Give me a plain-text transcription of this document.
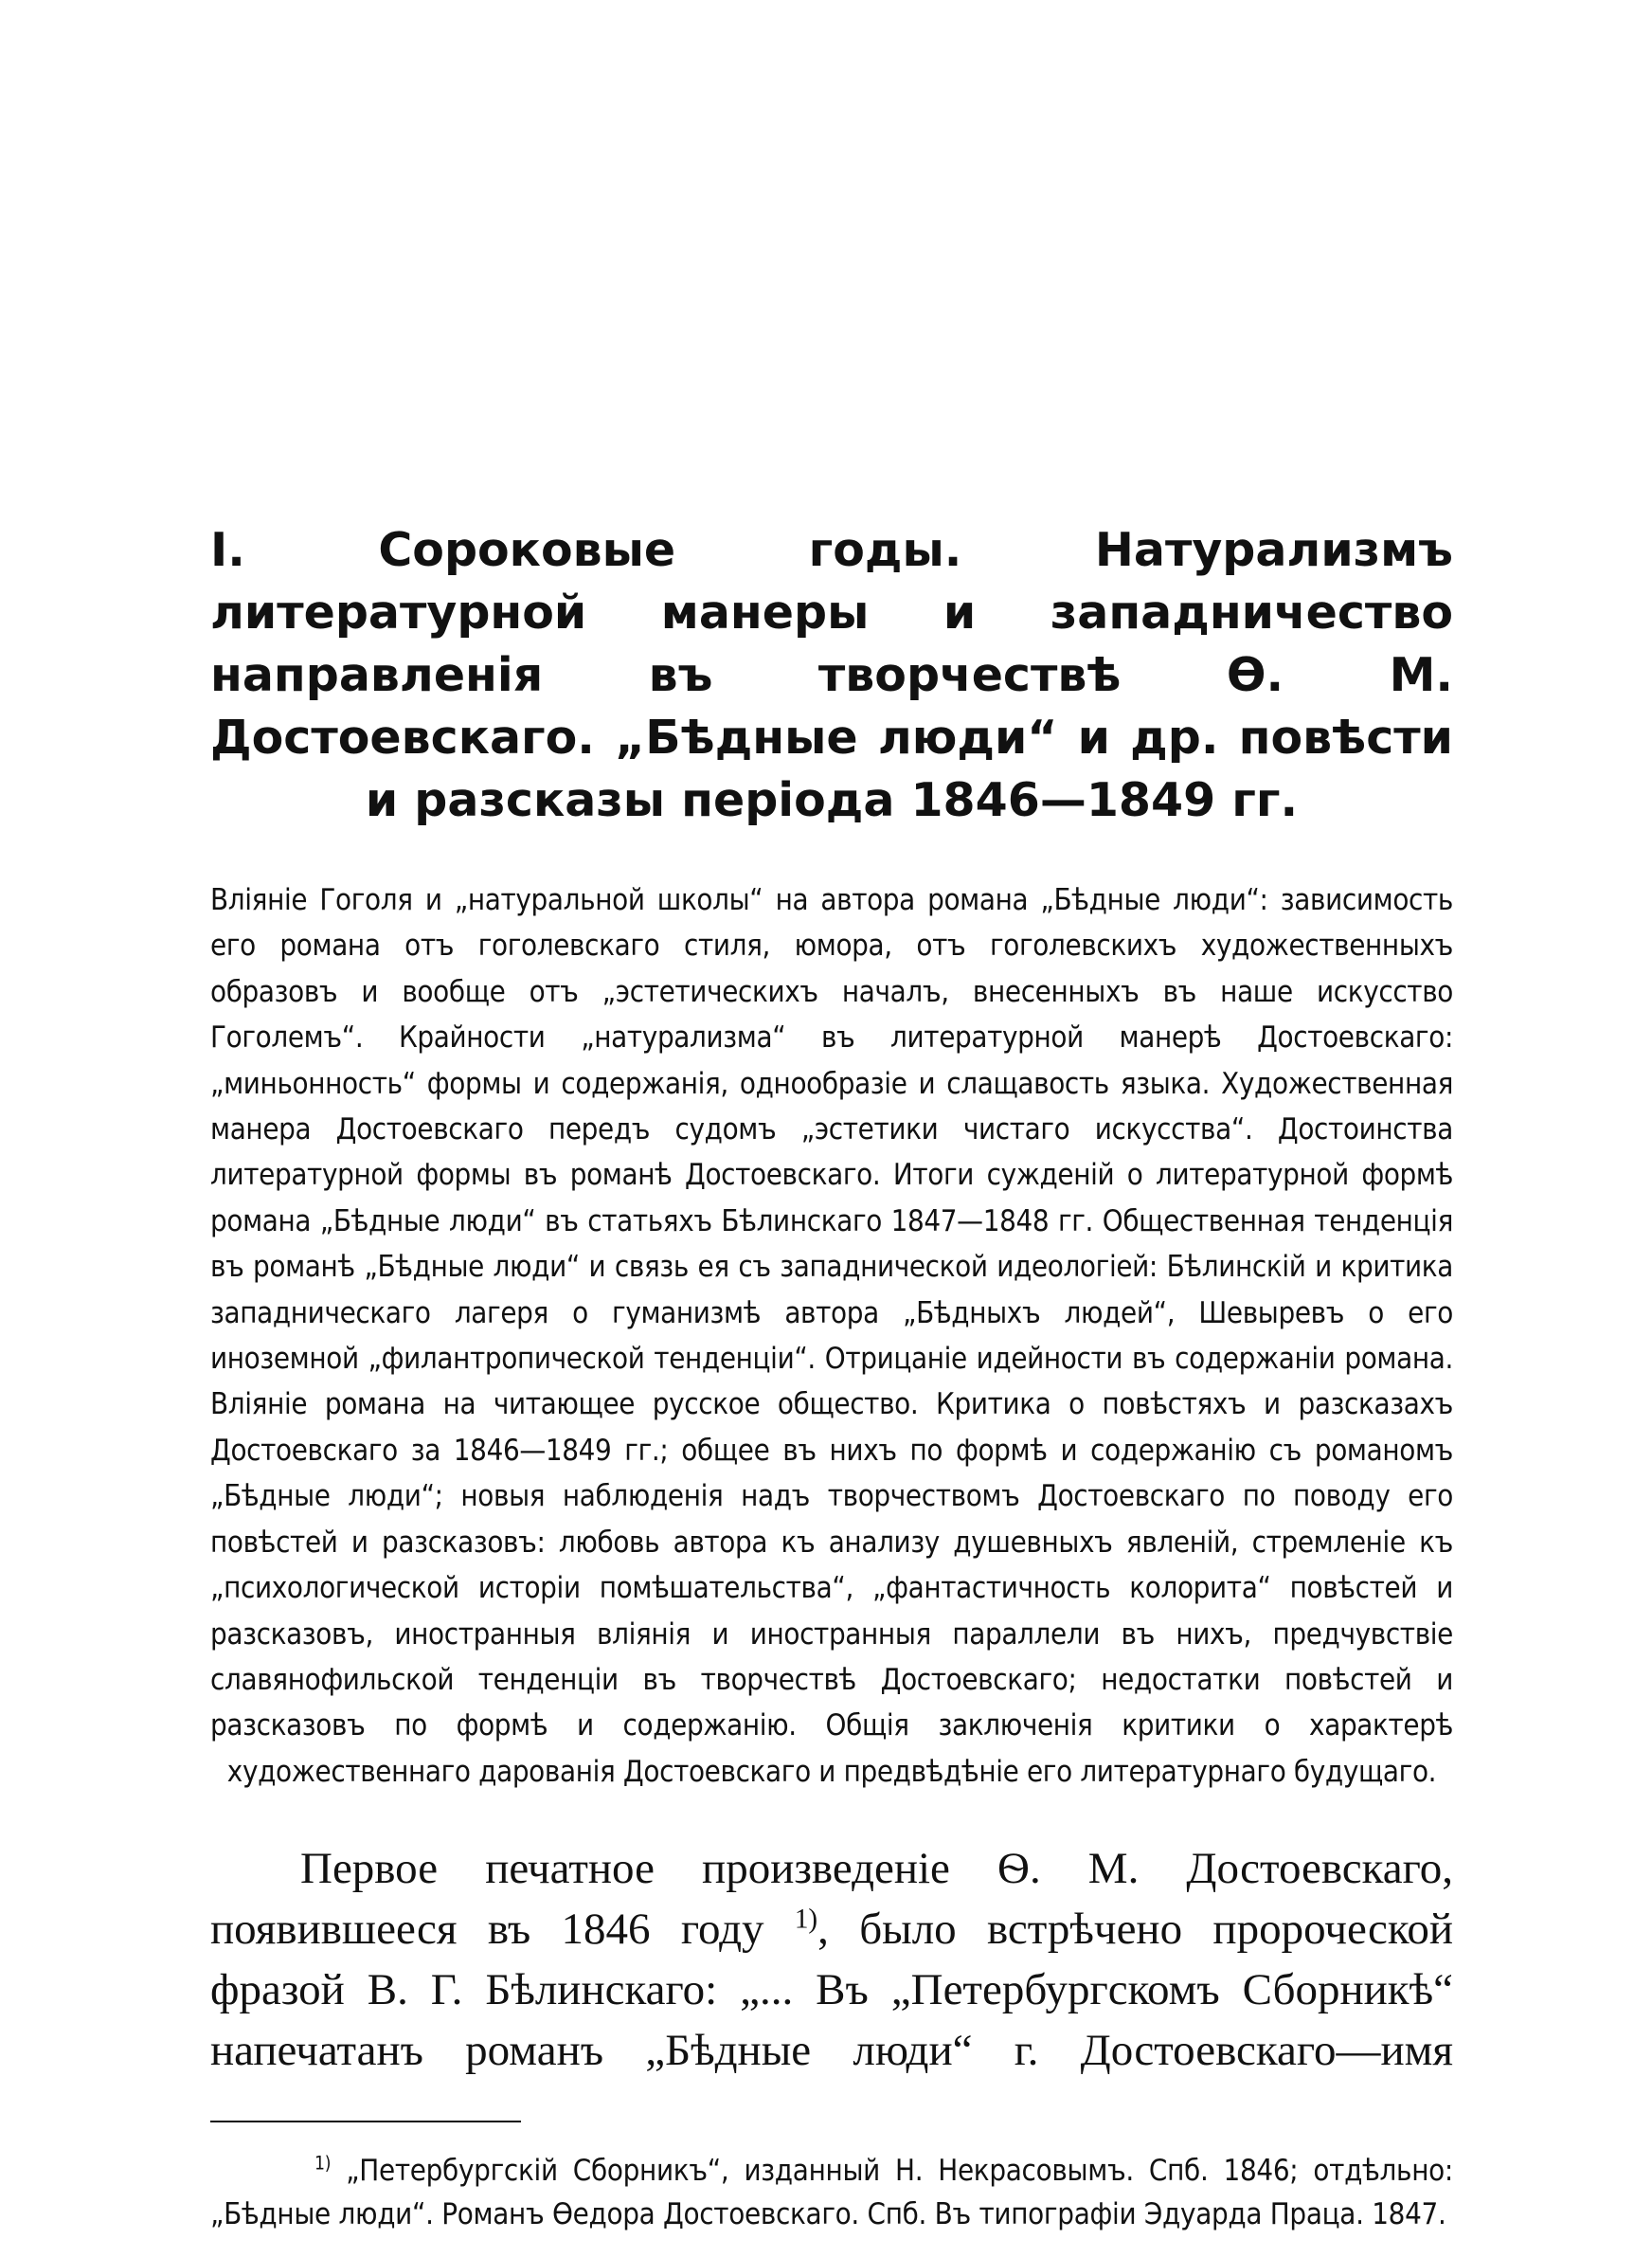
I. Сороковые годы. Натурализмъ литературной манеры и западничество направленія въ творчествѣ Ѳ. М. Достоевскаго. „Бѣдные люди“ и др. повѣсти и разсказы періода 1846—1849 гг.

Вліяніе Гоголя и „натуральной школы“ на автора романа „Бѣдные люди“: зависимость его романа отъ гоголевскаго стиля, юмора, отъ гоголевскихъ художественныхъ образовъ и вообще отъ „эстетическихъ началъ, внесенныхъ въ наше искусство Гоголемъ“. Крайности „натурализма“ въ литературной манерѣ Достоевскаго: „миньонность“ формы и содержанія, однообразіе и слащавость языка. Художественная манера Достоевскаго передъ судомъ „эстетики чистаго искусства“. Достоинства литературной формы въ романѣ Достоевскаго. Итоги сужденій о литературной формѣ романа „Бѣдные люди“ въ статьяхъ Бѣлинскаго 1847—1848 гг. Общественная тенденція въ романѣ „Бѣдные люди“ и связь ея съ западнической идеологіей: Бѣлинскій и критика западническаго лагеря о гуманизмѣ автора „Бѣдныхъ людей“, Шевыревъ о его иноземной „филантропической тенденціи“. Отрицаніе идейности въ содержаніи романа. Вліяніе романа на читающее русское общество. Критика о повѣстяхъ и разсказахъ Достоевскаго за 1846—1849 гг.; общее въ нихъ по формѣ и содержанію съ романомъ „Бѣдные люди“; новыя наблюденія надъ творчествомъ Достоевскаго по поводу его повѣстей и разсказовъ: любовь автора къ анализу душевныхъ явленій, стремленіе къ „психологической исторіи помѣшательства“, „фантастичность колорита“ повѣстей и разсказовъ, иностранныя вліянія и иностранныя параллели въ нихъ, предчувствіе славянофильской тенденціи въ творчествѣ Достоевскаго; недостатки повѣстей и разсказовъ по формѣ и содержанію. Общія заключенія критики о характерѣ художественнаго дарованія Достоевскаго и предвѣдѣніе его литературнаго будущаго.

Первое печатное произведеніе Ѳ. М. Достоевскаго, появившееся въ 1846 году $^{1)}$, было встрѣчено пророческой фразой В. Г. Бѣлинскаго: „... Въ „Петербургскомъ Сборникѣ“ напечатанъ романъ „Бѣдные люди“ г. Достоевскаго—имя

$^{1)}$ „Петербургскій Сборникъ“, изданный Н. Некрасовымъ. Спб. 1846; отдѣльно: „Бѣдные люди“. Романъ Ѳедора Достоевскаго. Спб. Въ типографіи Эдуарда Праца. 1847.
